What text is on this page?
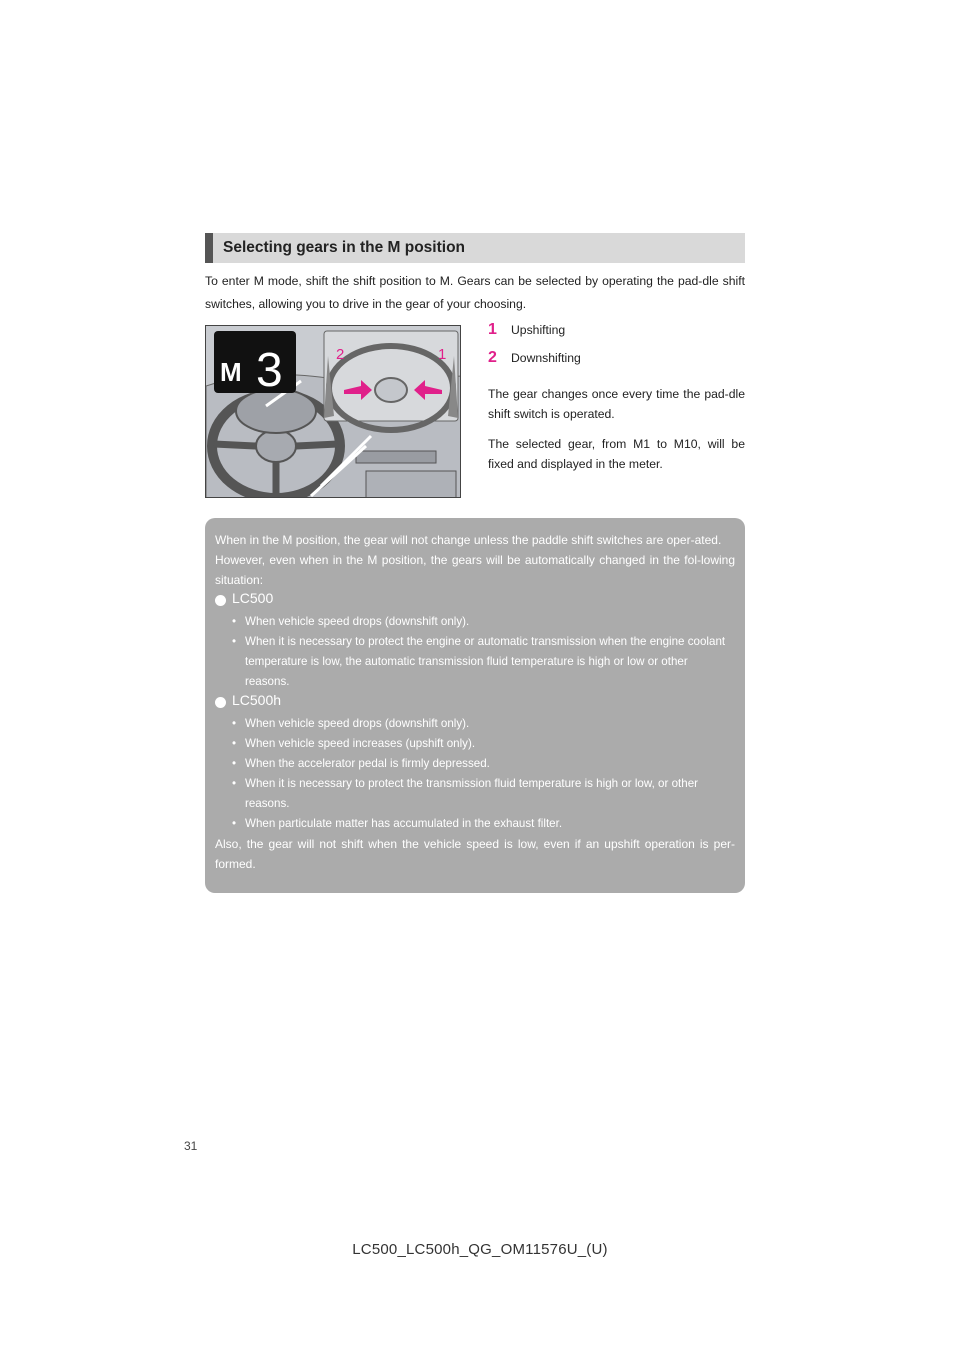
Selecting gears in the M position
To enter M mode, shift the shift position to M. Gears can be selected by operating the pad-dle shift switches, allowing you to drive in the gear of your choosing.
M 3	2	1
1 Upshifting
2 Downshifting
The gear changes once every time the pad-dle shift switch is operated.
The selected gear, from M1 to M10, will be fixed and displayed in the meter.
When in the M position, the gear will not change unless the paddle shift switches are oper-ated.
However, even when in the M position, the gears will be automatically changed in the fol-lowing situation:
LC500
• When vehicle speed drops (downshift only).
• When it is necessary to protect the engine or automatic transmission when the engine coolant temperature is low, the automatic transmission fluid temperature is high or low or other reasons.
LC500h
• When vehicle speed drops (downshift only).
• When vehicle speed increases (upshift only).
• When the accelerator pedal is firmly depressed.
• When it is necessary to protect the transmission fluid temperature is high or low, or other reasons.
• When particulate matter has accumulated in the exhaust filter.
Also, the gear will not shift when the vehicle speed is low, even if an upshift operation is per-formed.
31
LC500_LC500h_QG_OM11576U_(U)
